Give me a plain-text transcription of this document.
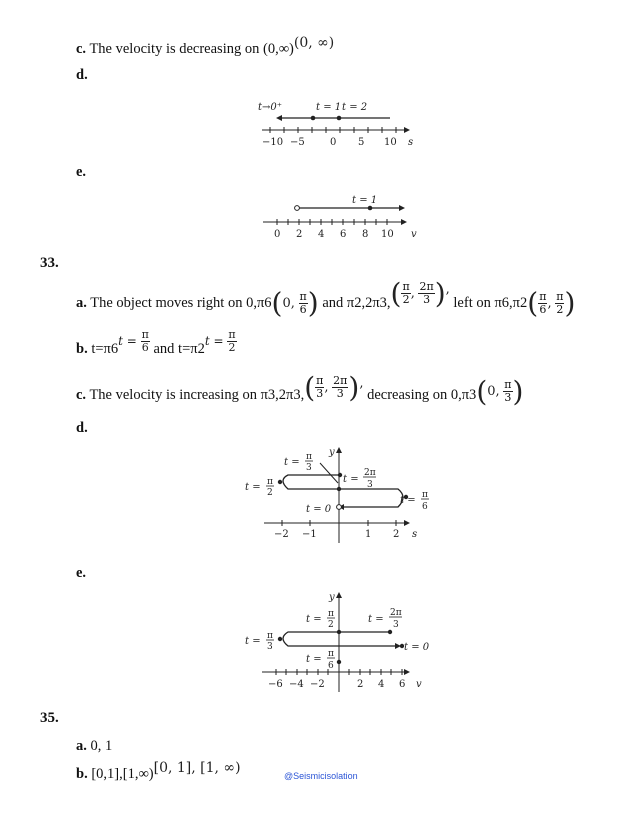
c. The velocity is decreasing on (0,∞)(0, ∞)
d.
t→0⁺	t = 1 t = 2
−10 −5	0 5 10 s
e.
t = 1
0 2 4 6 8 10 v
33.
a. The object moves right on 0,π6(0, $\frac{\pi}{6}$ ) and $\pi 2,2\pi 3,( \frac{\pi}{2}$ , $\frac{2\pi}{3}$ ), left on $\pi 6,\pi 2( \frac{\pi}{6}$ , $\frac{\pi}{2}$ )
b. $t=\pi 6^{t = \frac{\pi}{6}}$ and $t=\pi 2^{t = \frac{\pi}{2}}$
c. The velocity is increasing on $\pi 3,2\pi 3,( \frac{\pi}{3}$ , $\frac{2\pi}{3}$ ), decreasing on 0,π3(0, $\frac{\pi}{3}$ )
d.
y
t = π
3
t = π
2
t =
2π
3
t = π
6
t = 0
−2 −1	1 2 s
e.
y
t = π
2	t =
2π
3
t = π
3	t = 0
t = π
6
−6 −4 −2	2 4 6 v
35.
a. 0, 1
b. [0,1],[1,∞)[0, 1], [1, ∞)	@Seismicisolation
